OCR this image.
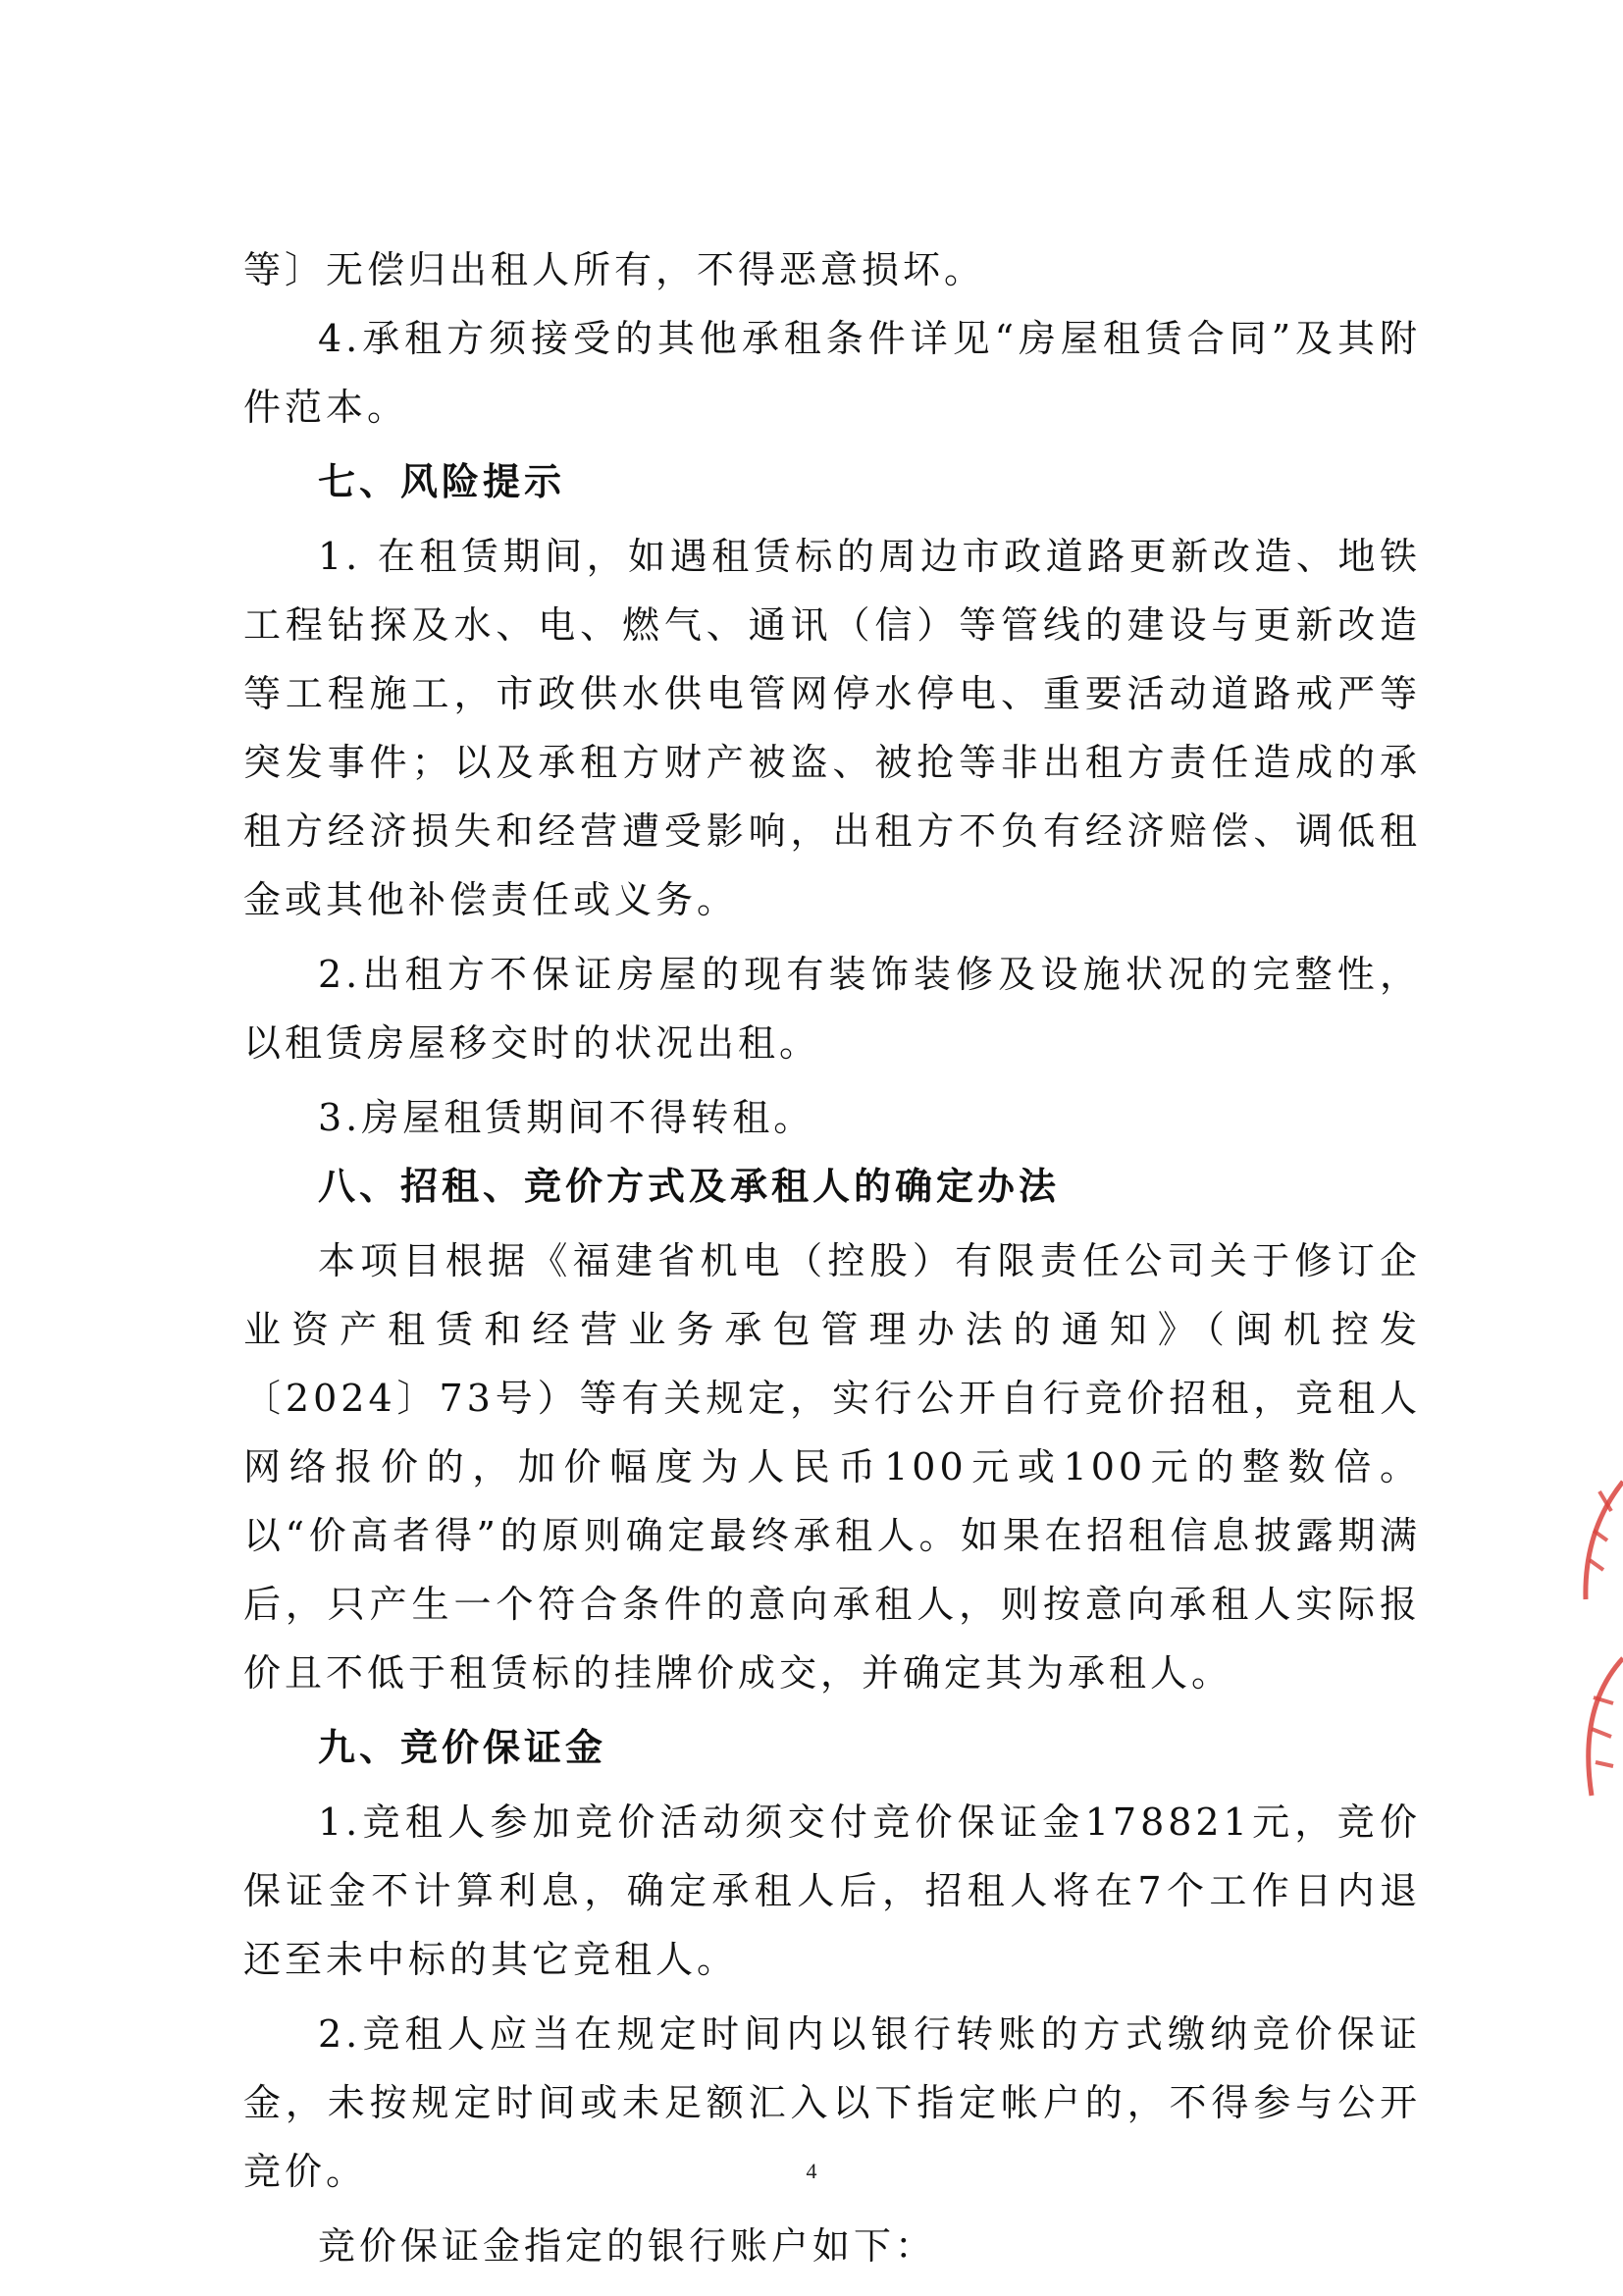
等〕无偿归出租人所有，不得恶意损坏。

4.承租方须接受的其他承租条件详见“房屋租赁合同”及其附件范本。

七、风险提示

1. 在租赁期间，如遇租赁标的周边市政道路更新改造、地铁工程钻探及水、电、燃气、通讯（信）等管线的建设与更新改造等工程施工，市政供水供电管网停水停电、重要活动道路戒严等突发事件；以及承租方财产被盗、被抢等非出租方责任造成的承租方经济损失和经营遭受影响，出租方不负有经济赔偿、调低租金或其他补偿责任或义务。

2.出租方不保证房屋的现有装饰装修及设施状况的完整性，以租赁房屋移交时的状况出租。

3.房屋租赁期间不得转租。

八、招租、竞价方式及承租人的确定办法

本项目根据《福建省机电（控股）有限责任公司关于修订企业资产租赁和经营业务承包管理办法的通知》（闽机控发〔2024〕73号）等有关规定，实行公开自行竞价招租，竞租人网络报价的，加价幅度为人民币100元或100元的整数倍。以“价高者得”的原则确定最终承租人。如果在招租信息披露期满后，只产生一个符合条件的意向承租人，则按意向承租人实际报价且不低于租赁标的挂牌价成交，并确定其为承租人。

九、竞价保证金

1.竞租人参加竞价活动须交付竞价保证金178821元，竞价保证金不计算利息，确定承租人后，招租人将在7个工作日内退还至未中标的其它竞租人。

2.竞租人应当在规定时间内以银行转账的方式缴纳竞价保证金，未按规定时间或未足额汇入以下指定帐户的，不得参与公开竞价。

竞价保证金指定的银行账户如下：

4
